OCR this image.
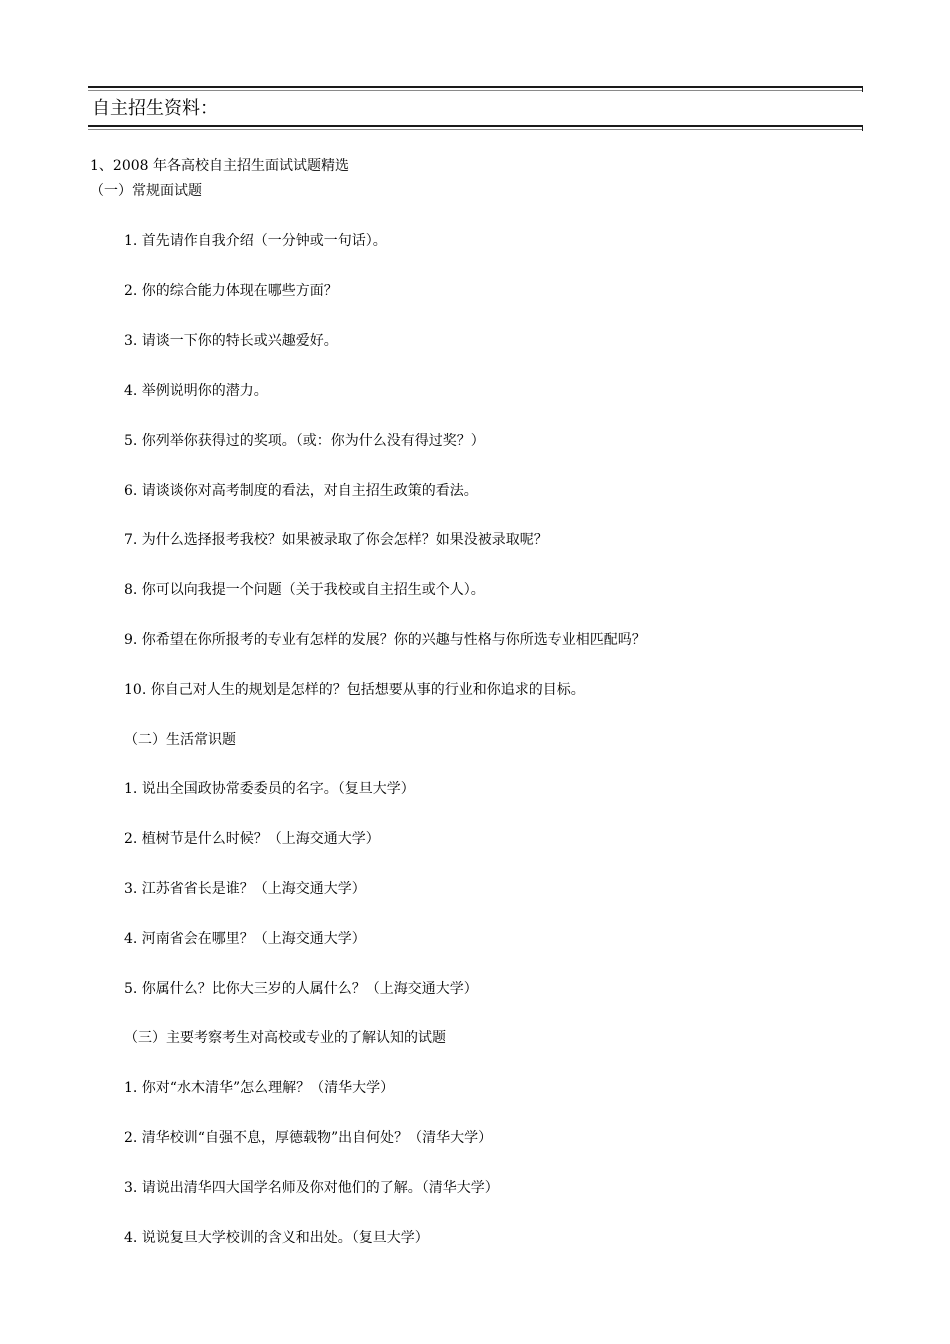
自主招生资料：
1、2008 年各高校自主招生面试试题精选
（一）常规面试题
1. 首先请作自我介绍（一分钟或一句话）。
2. 你的综合能力体现在哪些方面？
3. 请谈一下你的特长或兴趣爱好。
4. 举例说明你的潜力。
5. 你列举你获得过的奖项。（或：你为什么没有得过奖？）
6. 请谈谈你对高考制度的看法，对自主招生政策的看法。
7. 为什么选择报考我校？如果被录取了你会怎样？如果没被录取呢？
8. 你可以向我提一个问题（关于我校或自主招生或个人）。
9. 你希望在你所报考的专业有怎样的发展？你的兴趣与性格与你所选专业相匹配吗？
10. 你自己对人生的规划是怎样的？包括想要从事的行业和你追求的目标。
（二）生活常识题
1. 说出全国政协常委委员的名字。（复旦大学）
2. 植树节是什么时候？（上海交通大学）
3. 江苏省省长是谁？（上海交通大学）
4. 河南省会在哪里？（上海交通大学）
5. 你属什么？比你大三岁的人属什么？（上海交通大学）
（三）主要考察考生对高校或专业的了解认知的试题
1. 你对“水木清华”怎么理解？（清华大学）
2. 清华校训“自强不息，厚德载物”出自何处？（清华大学）
3. 请说出清华四大国学名师及你对他们的了解。（清华大学）
4. 说说复旦大学校训的含义和出处。（复旦大学）
